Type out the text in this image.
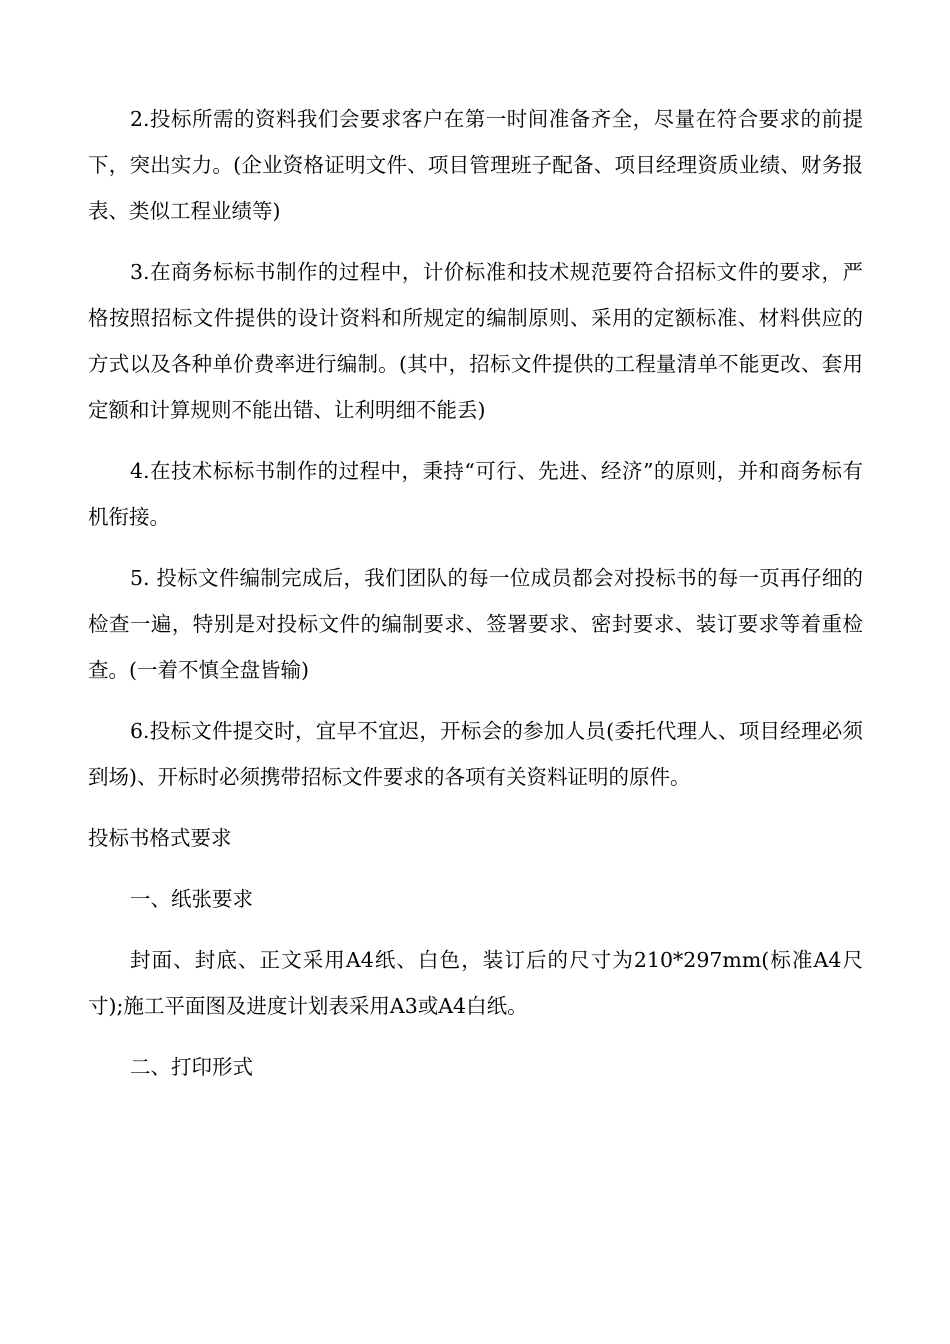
2.投标所需的资料我们会要求客户在第一时间准备齐全，尽量在符合要求的前提下，突出实力。(企业资格证明文件、项目管理班子配备、项目经理资质业绩、财务报表、类似工程业绩等)

3.在商务标标书制作的过程中，计价标准和技术规范要符合招标文件的要求，严格按照招标文件提供的设计资料和所规定的编制原则、采用的定额标准、材料供应的方式以及各种单价费率进行编制。(其中，招标文件提供的工程量清单不能更改、套用定额和计算规则不能出错、让利明细不能丢)

4.在技术标标书制作的过程中，秉持“可行、先进、经济”的原则，并和商务标有机衔接。

5. 投标文件编制完成后，我们团队的每一位成员都会对投标书的每一页再仔细的检查一遍，特别是对投标文件的编制要求、签署要求、密封要求、装订要求等着重检查。(一着不慎全盘皆输)

6.投标文件提交时，宜早不宜迟，开标会的参加人员(委托代理人、项目经理必须到场)、开标时必须携带招标文件要求的各项有关资料证明的原件。

投标书格式要求

一、纸张要求

封面、封底、正文采用A4纸、白色，装订后的尺寸为210*297mm(标准A4尺寸);施工平面图及进度计划表采用A3或A4白纸。

二、打印形式
